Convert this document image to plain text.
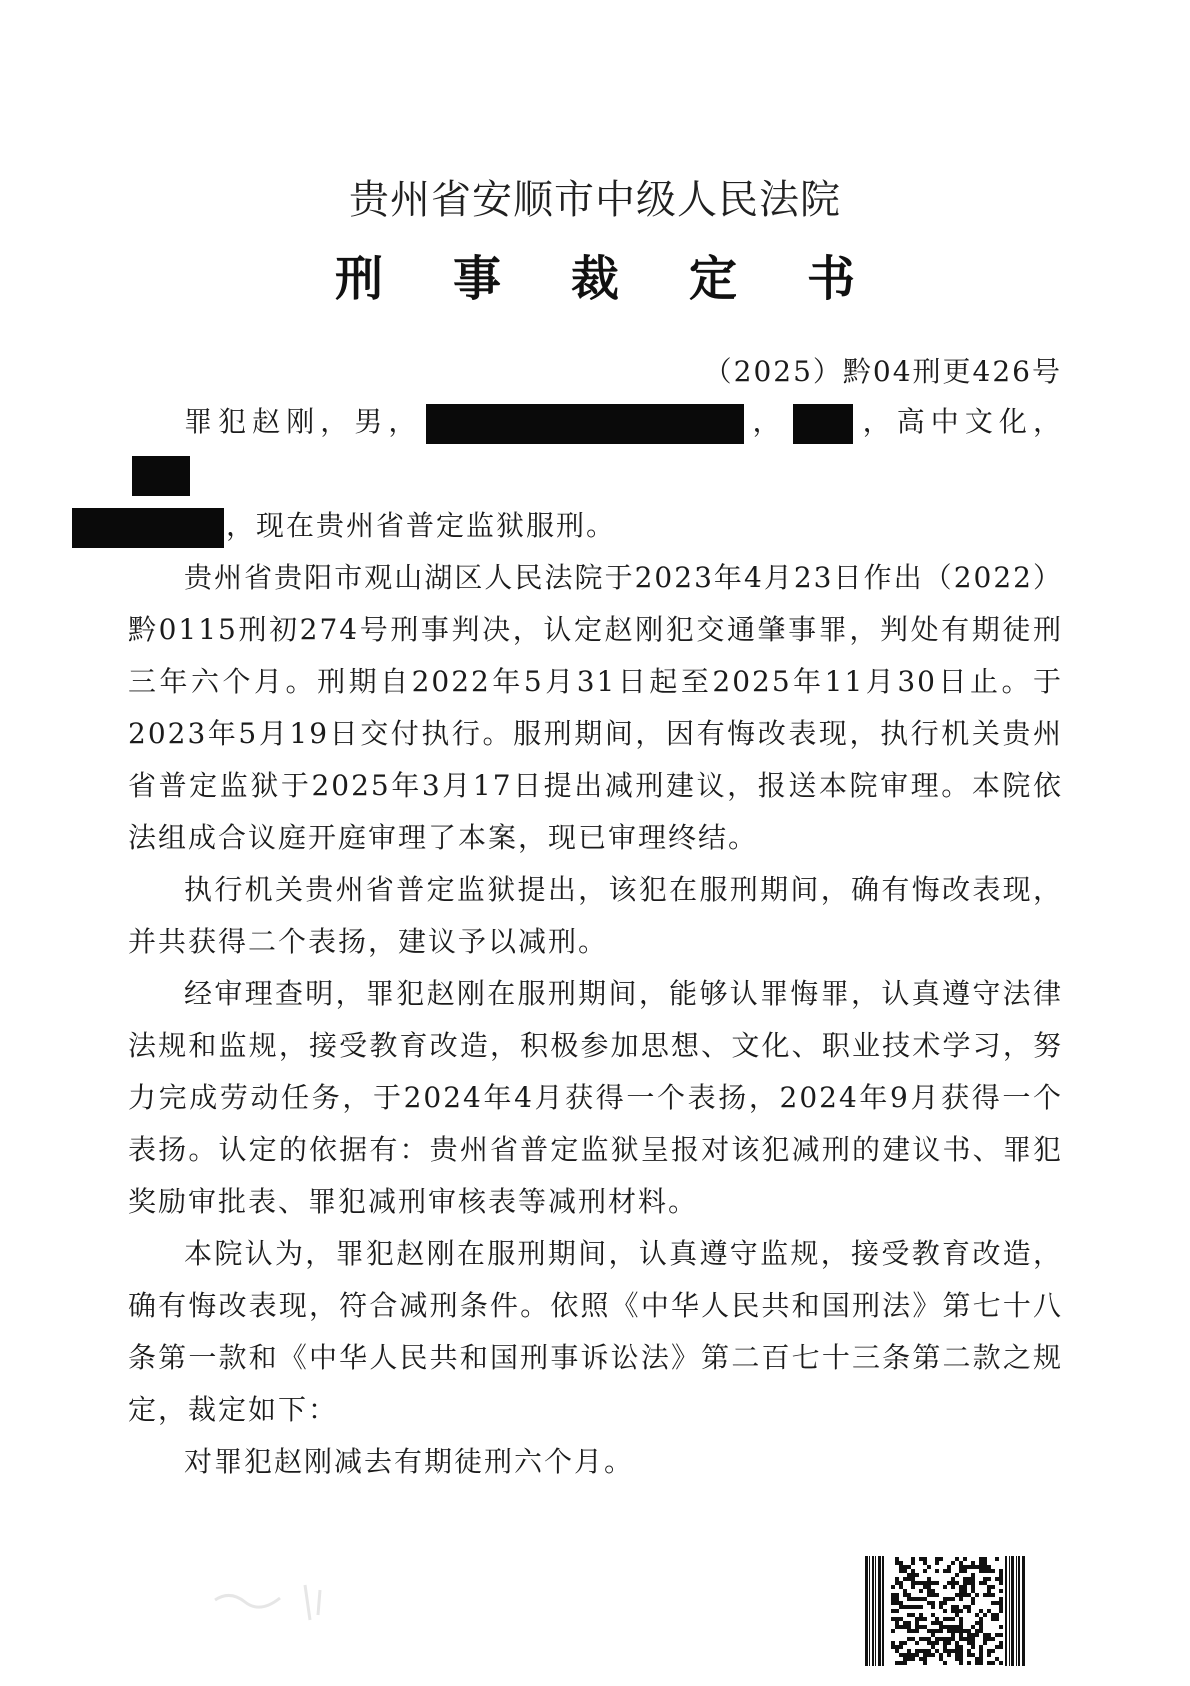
贵州省安顺市中级人民法院
刑事裁定书
（2025）黔04刑更426号

罪犯赵刚，男，	，	，高中文化，
，现在贵州省普定监狱服刑。

贵州省贵阳市观山湖区人民法院于2023年4月23日作出（2022）黔0115刑初274号刑事判决，认定赵刚犯交通肇事罪，判处有期徒刑三年六个月。刑期自2022年5月31日起至2025年11月30日止。于2023年5月19日交付执行。服刑期间，因有悔改表现，执行机关贵州省普定监狱于2025年3月17日提出减刑建议，报送本院审理。本院依法组成合议庭开庭审理了本案，现已审理终结。

执行机关贵州省普定监狱提出，该犯在服刑期间，确有悔改表现，并共获得二个表扬，建议予以减刑。

经审理查明，罪犯赵刚在服刑期间，能够认罪悔罪，认真遵守法律法规和监规，接受教育改造，积极参加思想、文化、职业技术学习，努力完成劳动任务，于2024年4月获得一个表扬，2024年9月获得一个表扬。认定的依据有：贵州省普定监狱呈报对该犯减刑的建议书、罪犯奖励审批表、罪犯减刑审核表等减刑材料。

本院认为，罪犯赵刚在服刑期间，认真遵守监规，接受教育改造，确有悔改表现，符合减刑条件。依照《中华人民共和国刑法》第七十八条第一款和《中华人民共和国刑事诉讼法》第二百七十三条第二款之规定，裁定如下：

对罪犯赵刚减去有期徒刑六个月。
